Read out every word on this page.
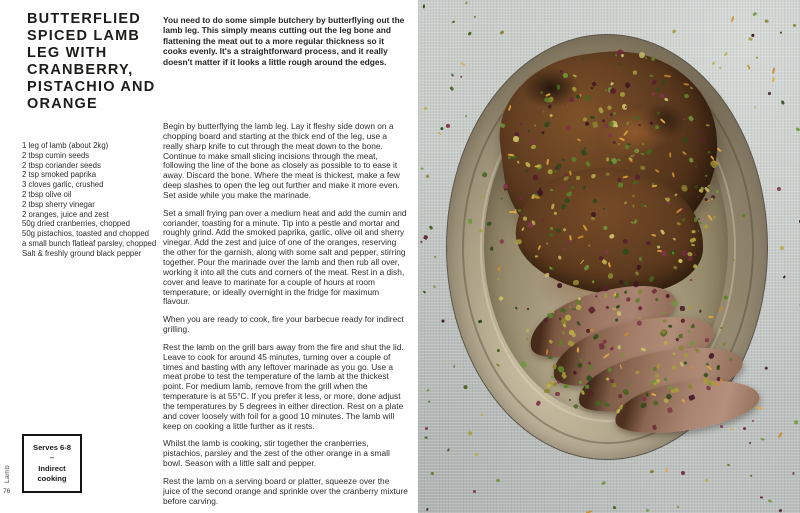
BUTTERFLIED
SPICED LAMB
LEG WITH
CRANBERRY,
PISTACHIO AND
ORANGE
You need to do some simple butchery by butterflying out the lamb leg. This simply means cutting out the leg bone and flattening the meat out to a more regular thickness so it cooks evenly. It's a straightforward process, and it really doesn't matter if it looks a little rough around the edges.
1 leg of lamb (about 2kg)
2 tbsp cumin seeds
2 tbsp coriander seeds
2 tsp smoked paprika
3 cloves garlic, crushed
2 tbsp olive oil
2 tbsp sherry vinegar
2 oranges, juice and zest
50g dried cranberries, chopped
50g pistachios, toasted and chopped
a small bunch flatleaf parsley, chopped
Salt & freshly ground black pepper

Begin by butterflying the lamb leg. Lay it fleshy side down on a chopping board and starting at the thick end of the leg, use a really sharp knife to cut through the meat down to the bone. Continue to make small slicing incisions through the meat, following the line of the bone as closely as possible to to ease it away. Discard the bone. Where the meat is thickest, make a few deep slashes to open the leg out further and make it more even. Set aside while you make the marinade.

Set a small frying pan over a medium heat and add the cumin and coriander, toasting for a minute. Tip into a pestle and mortar and roughly grind. Add the smoked paprika, garlic, olive oil and sherry vinegar. Add the zest and juice of one of the oranges, reserving the other for the garnish, along with some salt and pepper, stirring together. Pour the marinade over the lamb and then rub all over, working it into all the cuts and corners of the meat. Rest in a dish, cover and leave to marinate for a couple of hours at room temperature, or ideally overnight in the fridge for maximum flavour.

When you are ready to cook, fire your barbecue ready for indirect grilling.

Rest the lamb on the grill bars away from the fire and shut the lid. Leave to cook for around 45 minutes, turning over a couple of times and basting with any leftover marinade as you go. Use a meat probe to test the temperature of the lamb at the thickest point. For medium lamb, remove from the grill when the temperature is at 55°C. If you prefer it less, or more, done adjust the temperatures by 5 degrees in either direction. Rest on a plate and cover loosely with foil for a good 10 minutes. The lamb will keep on cooking a little further as it rests.

Whilst the lamb is cooking, stir together the cranberries, pistachios, parsley and the zest of the other orange in a small bowl. Season with a little salt and pepper.

Rest the lamb on a serving board or platter, squeeze over the juice of the second orange and sprinkle over the cranberry mixture before carving.

Serves 6-8
–
Indirect cooking
Lamb
76
